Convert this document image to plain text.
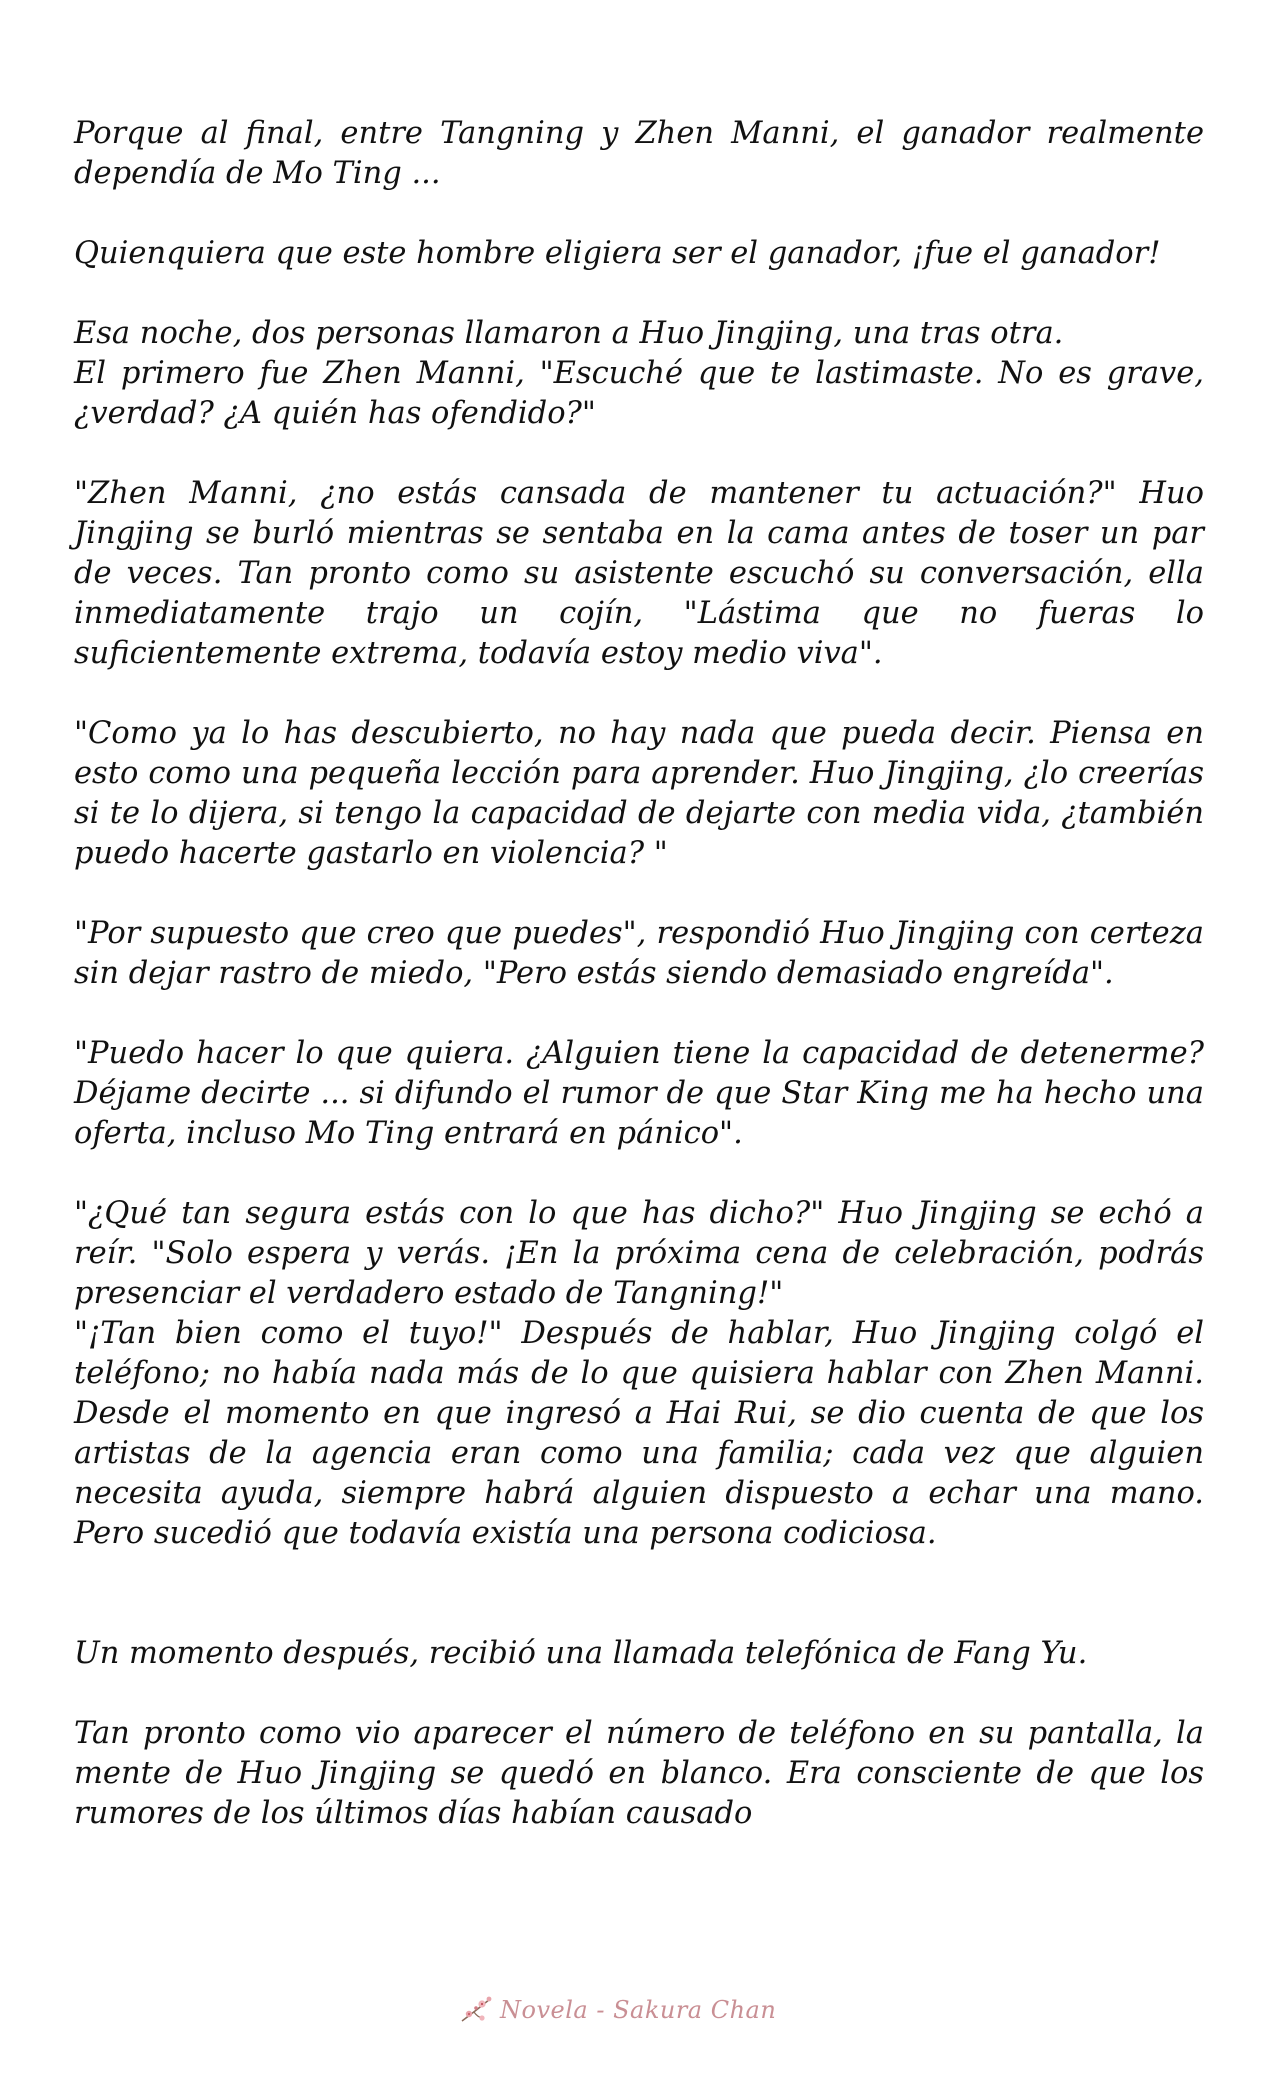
Porque al final, entre Tangning y Zhen Manni, el ganador realmente dependía de Mo Ting ...

Quienquiera que este hombre eligiera ser el ganador, ¡fue el ganador!

Esa noche, dos personas llamaron a Huo Jingjing, una tras otra.
El primero fue Zhen Manni, "Escuché que te lastimaste. No es grave, ¿verdad? ¿A quién has ofendido?"

"Zhen Manni, ¿no estás cansada de mantener tu actuación?" Huo Jingjing se burló mientras se sentaba en la cama antes de toser un par de veces. Tan pronto como su asistente escuchó su conversación, ella inmediatamente trajo un cojín, "Lástima que no fueras lo suficientemente extrema, todavía estoy medio viva".

"Como ya lo has descubierto, no hay nada que pueda decir. Piensa en esto como una pequeña lección para aprender. Huo Jingjing, ¿lo creerías si te lo dijera, si tengo la capacidad de dejarte con media vida, ¿también puedo hacerte gastarlo en violencia? "

"Por supuesto que creo que puedes", respondió Huo Jingjing con certeza sin dejar rastro de miedo, "Pero estás siendo demasiado engreída".

"Puedo hacer lo que quiera. ¿Alguien tiene la capacidad de detenerme? Déjame decirte ... si difundo el rumor de que Star King me ha hecho una oferta, incluso Mo Ting entrará en pánico".

"¿Qué tan segura estás con lo que has dicho?" Huo Jingjing se echó a reír. "Solo espera y verás. ¡En la próxima cena de celebración, podrás presenciar el verdadero estado de Tangning!"
"¡Tan bien como el tuyo!" Después de hablar, Huo Jingjing colgó el teléfono; no había nada más de lo que quisiera hablar con Zhen Manni. Desde el momento en que ingresó a Hai Rui, se dio cuenta de que los artistas de la agencia eran como una familia; cada vez que alguien necesita ayuda, siempre habrá alguien dispuesto a echar una mano. Pero sucedió que todavía existía una persona codiciosa.

Un momento después, recibió una llamada telefónica de Fang Yu.

Tan pronto como vio aparecer el número de teléfono en su pantalla, la mente de Huo Jingjing se quedó en blanco. Era consciente de que los rumores de los últimos días habían causado

Novela - Sakura Chan
